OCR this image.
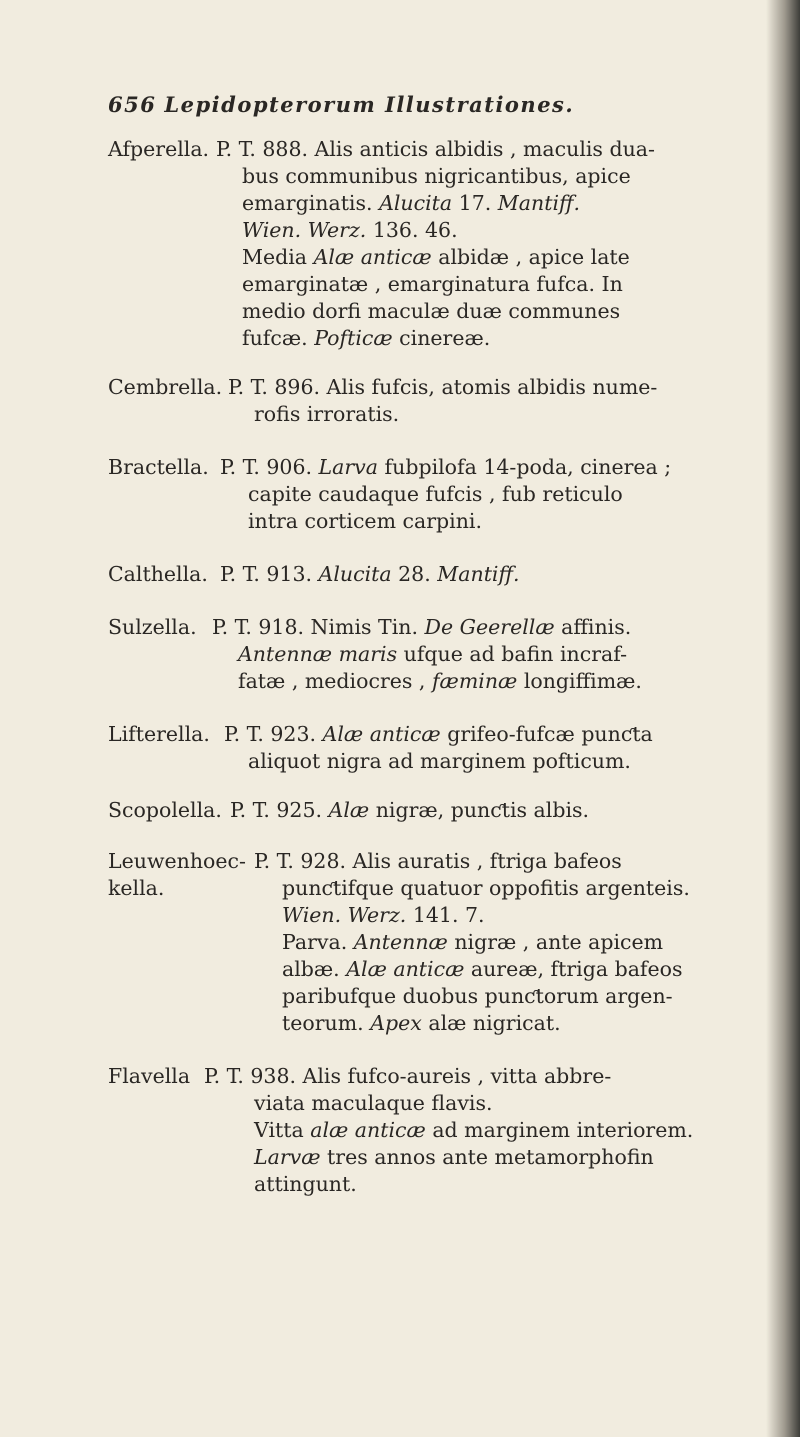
656 Lepidopterorum Illustrationes.
Afperella. P. T. 888. Alis anticis albidis , maculis dua-
bus communibus nigricantibus, apice
emarginatis. Alucita 17. Mantiff.
Wien. Werz. 136. 46.
Media Alæ anticæ albidæ , apice late
emarginatæ , emarginatura fufca. In
medio dorfi maculæ duæ communes
fufcæ. Pofticæ cinereæ.
Cembrella. P. T. 896. Alis fufcis, atomis albidis nume-
rofis irroratis.
Bractella. P. T. 906. Larva fubpilofa 14-poda, cinerea ;
capite caudaque fufcis , fub reticulo
intra corticem carpini.
Calthella. P. T. 913. Alucita 28. Mantiff.
Sulzella. P. T. 918. Nimis Tin. De Geerellæ affinis.
Antennæ maris ufque ad bafin incraf-
fatæ , mediocres , fæminæ longiffimæ.
Lifterella. P. T. 923. Alæ anticæ grifeo-fufcæ punƈta
aliquot nigra ad marginem pofticum.
Scopolella. P. T. 925. Alæ nigræ, punƈtis albis.
Leuwenhoec-
kella.
P. T. 928. Alis auratis , ftriga bafeos
punƈtifque quatuor oppofitis argenteis.
Wien. Werz. 141. 7.
Parva. Antennæ nigræ , ante apicem
albæ. Alæ anticæ aureæ, ftriga bafeos
paribufque duobus punƈtorum argen-
teorum. Apex alæ nigricat.
Flavella P. T. 938. Alis fufco-aureis , vitta abbre-
viata maculaque flavis.
Vitta alæ anticæ ad marginem interiorem.
Larvæ tres annos ante metamorphofin
attingunt.
